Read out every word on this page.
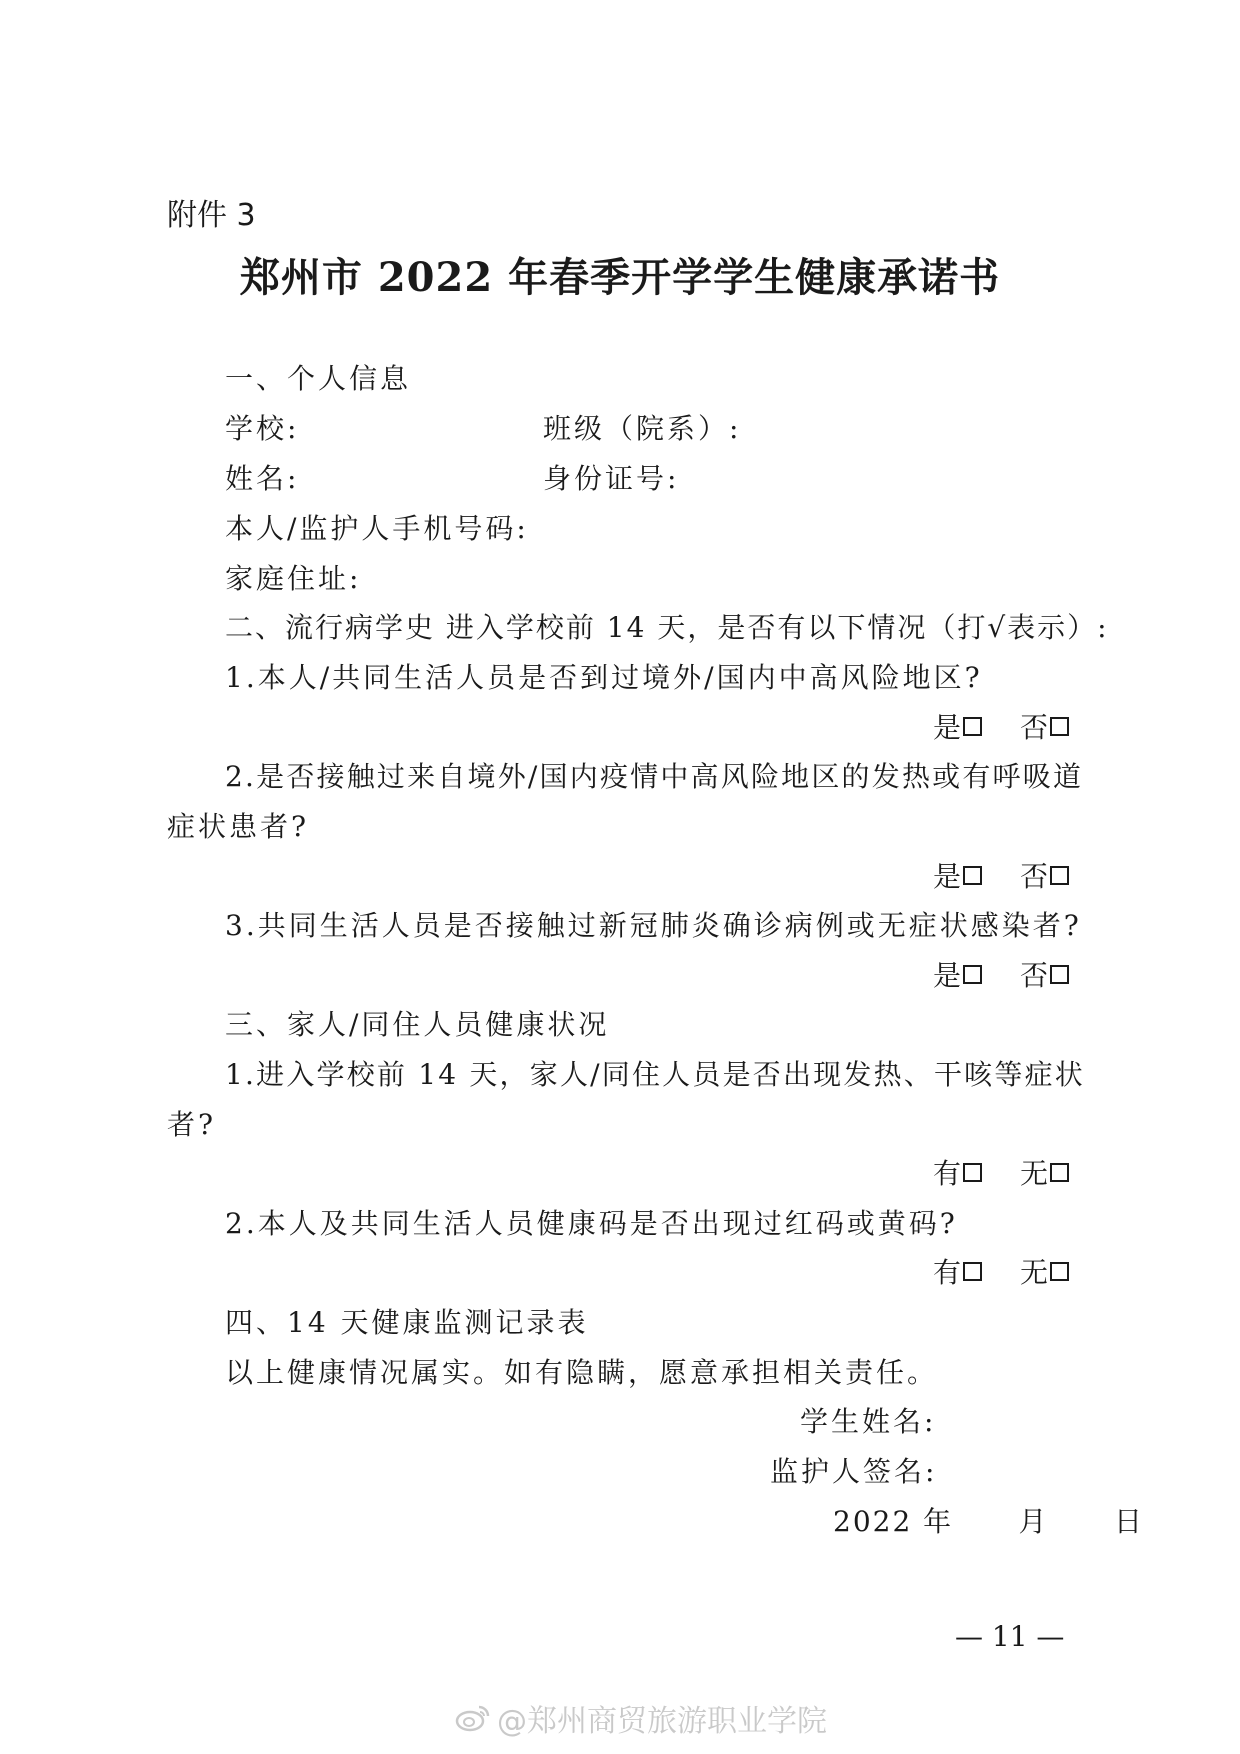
附件 3
郑州市 2022 年春季开学学生健康承诺书
一、个人信息
学校:	班级（院系）:
姓名:	身份证号:
本人/监护人手机号码:
家庭住址:
二、流行病学史 进入学校前 14 天，是否有以下情况（打√表示）:
1.本人/共同生活人员是否到过境外/国内中高风险地区?
是 否
2.是否接触过来自境外/国内疫情中高风险地区的发热或有呼吸道
症状患者?
是 否
3.共同生活人员是否接触过新冠肺炎确诊病例或无症状感染者?
是 否
三、家人/同住人员健康状况
1.进入学校前 14 天，家人/同住人员是否出现发热、干咳等症状
者?
有 无
2.本人及共同生活人员健康码是否出现过红码或黄码?
有 无
四、14 天健康监测记录表
以上健康情况属实。如有隐瞒，愿意承担相关责任。
学生姓名:
监护人签名:
2022 年      月      日
— 11 —
@郑州商贸旅游职业学院
